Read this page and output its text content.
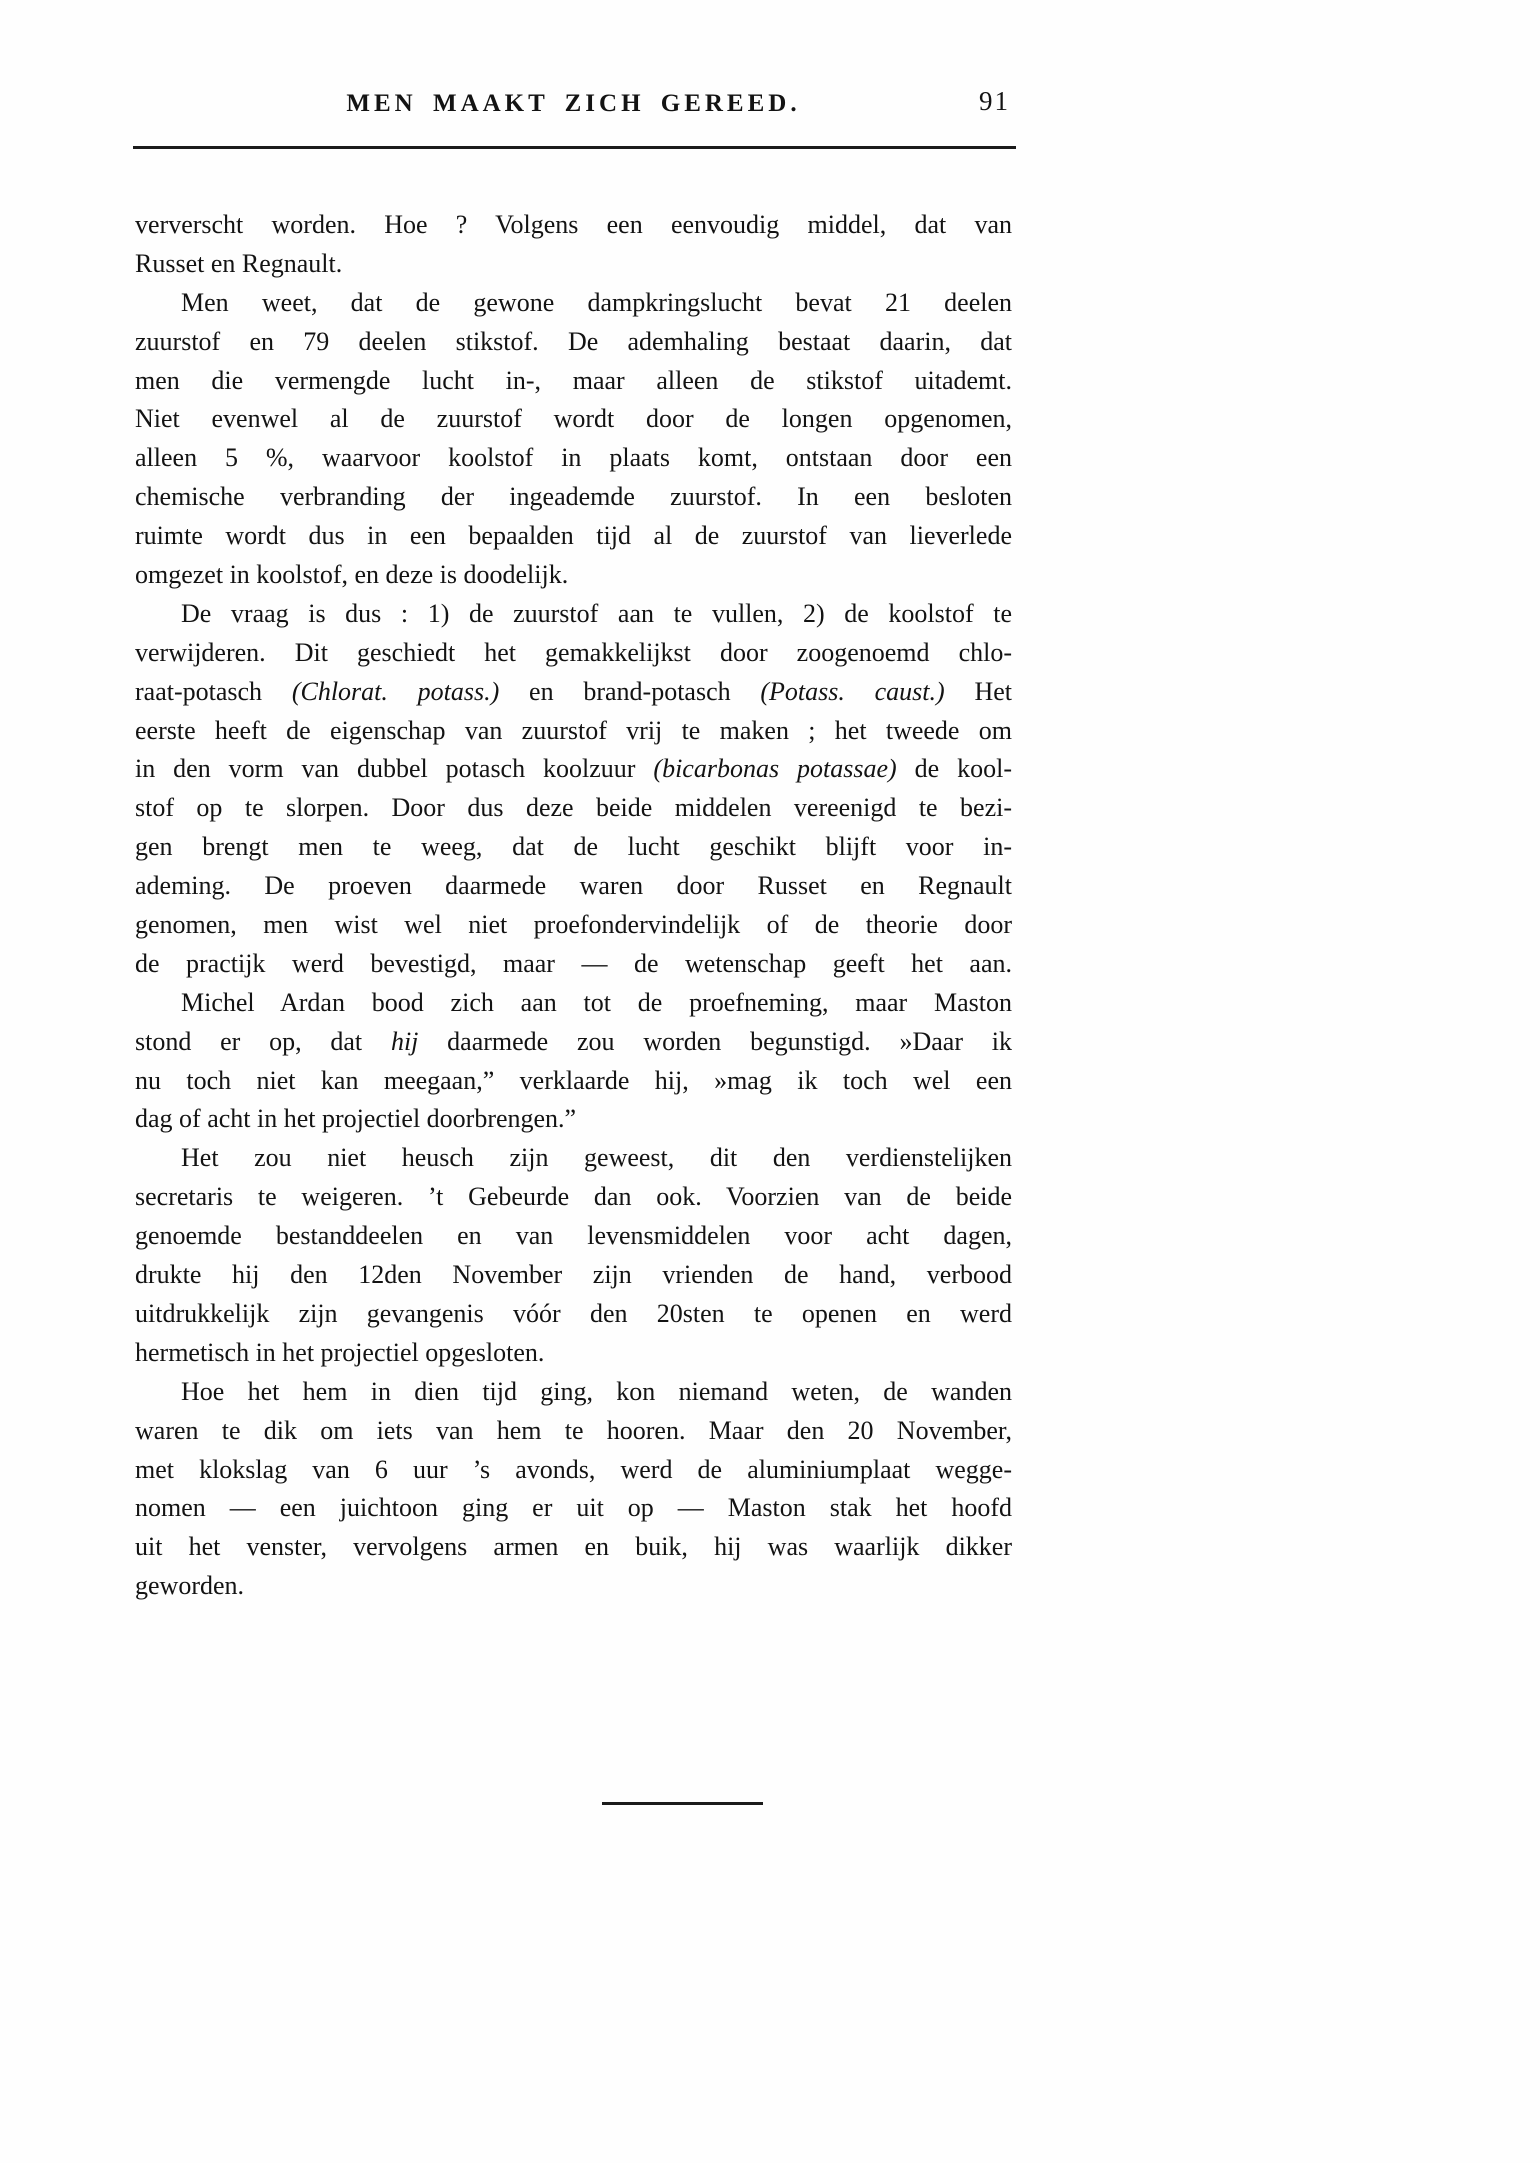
MEN MAAKT ZICH GEREED.	91
ververscht worden. Hoe ? Volgens een eenvoudig middel, dat van
Russet en Regnault.
Men weet, dat de gewone dampkringslucht bevat 21 deelen
zuurstof en 79 deelen stikstof. De ademhaling bestaat daarin, dat
men die vermengde lucht in-, maar alleen de stikstof uitademt.
Niet evenwel al de zuurstof wordt door de longen opgenomen,
alleen 5 %, waarvoor koolstof in plaats komt, ontstaan door een
chemische verbranding der ingeademde zuurstof. In een besloten
ruimte wordt dus in een bepaalden tijd al de zuurstof van lieverlede
omgezet in koolstof, en deze is doodelijk.
De vraag is dus : 1) de zuurstof aan te vullen, 2) de koolstof te
verwijderen. Dit geschiedt het gemakkelijkst door zoogenoemd chlo-
raat-potasch (Chlorat. potass.) en brand-potasch (Potass. caust.) Het
eerste heeft de eigenschap van zuurstof vrij te maken ; het tweede om
in den vorm van dubbel potasch koolzuur (bicarbonas potassae) de kool-
stof op te slorpen. Door dus deze beide middelen vereenigd te bezi-
gen brengt men te weeg, dat de lucht geschikt blijft voor in-
ademing. De proeven daarmede waren door Russet en Regnault
genomen, men wist wel niet proefondervindelijk of de theorie door
de practijk werd bevestigd, maar — de wetenschap geeft het aan.
Michel Ardan bood zich aan tot de proefneming, maar Maston
stond er op, dat hij daarmede zou worden begunstigd. »Daar ik
nu toch niet kan meegaan,” verklaarde hij, »mag ik toch wel een
dag of acht in het projectiel doorbrengen.”
Het zou niet heusch zijn geweest, dit den verdienstelijken
secretaris te weigeren. ’t Gebeurde dan ook. Voorzien van de beide
genoemde bestanddeelen en van levensmiddelen voor acht dagen,
drukte hij den 12den November zijn vrienden de hand, verbood
uitdrukkelijk zijn gevangenis vóór den 20sten te openen en werd
hermetisch in het projectiel opgesloten.
Hoe het hem in dien tijd ging, kon niemand weten, de wanden
waren te dik om iets van hem te hooren. Maar den 20 November,
met klokslag van 6 uur ’s avonds, werd de aluminiumplaat wegge-
nomen — een juichtoon ging er uit op — Maston stak het hoofd
uit het venster, vervolgens armen en buik, hij was waarlijk dikker
geworden.
